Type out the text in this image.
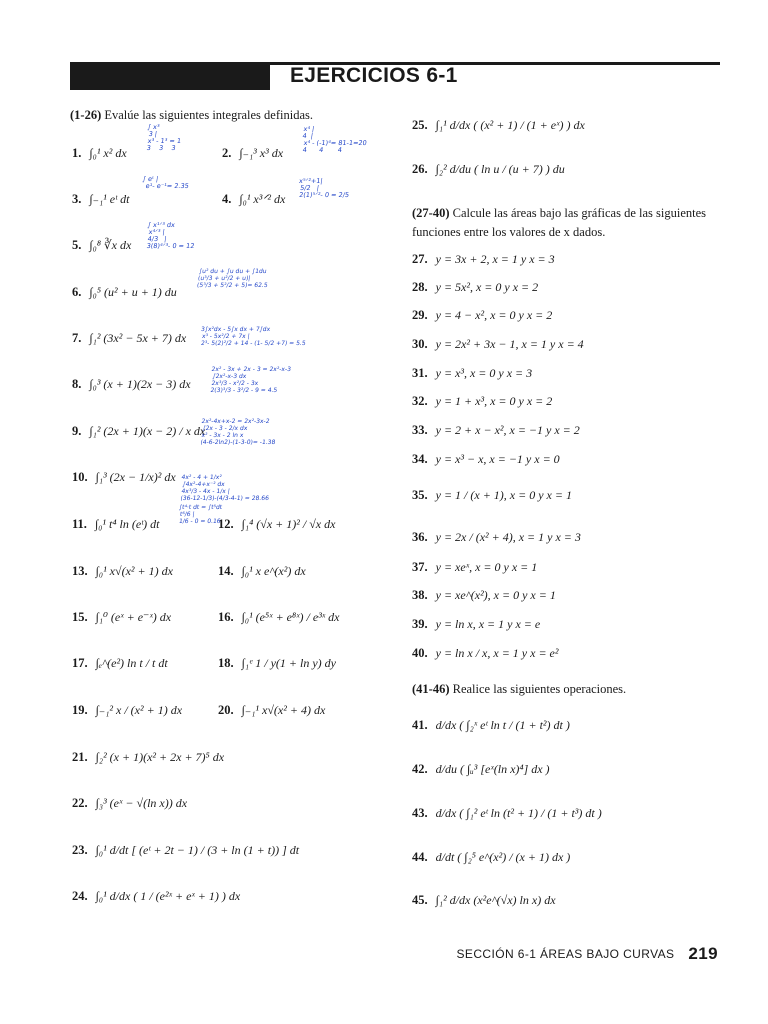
EJERCICIOS 6-1
(1-26) Evalúe las siguientes integrales definidas.
1. ∫₀¹ x² dx	2. ∫₋₁³ x³ dx
3. ∫₋₁¹ eᵗ dt	4. ∫₀¹ x³ᐟ² dx
5. ∫₀⁸ ∛x dx
6. ∫₀⁵ (u² + u + 1) du
7. ∫₁² (3x² − 5x + 7) dx
8. ∫₀³ (x + 1)(2x − 3) dx
9. ∫₁² (2x + 1)(x − 2) / x dx
10. ∫₁³ (2x − 1/x)² dx
11. ∫₀¹ t⁴ ln (eᵗ) dt	12. ∫₁⁴ (√x + 1)² / √x dx
13. ∫₀¹ x√(x² + 1) dx	14. ∫₀¹ x e^(x²) dx
15. ∫₁⁰ (eˣ + e⁻ˣ) dx	16. ∫₀¹ (e⁵ˣ + e⁸ˣ) / e³ˣ dx
17. ∫ₑ^(e²) ln t / t dt	18. ∫₁ᵉ 1 / y(1 + ln y) dy
19. ∫₋₁² x / (x² + 1) dx	20. ∫₋₁¹ x√(x² + 4) dx
21. ∫₂² (x + 1)(x² + 2x + 7)⁵ dx
22. ∫₃³ (eˣ − √(ln x)) dx
23. ∫₀¹ d/dt [ (eᵗ + 2t − 1) / (3 + ln (1 + t)) ] dt
24. ∫₀¹ d/dx ( 1 / (e²ˣ + eˣ + 1) ) dx
∫ x³
3 |
x³ - 1³ = 1
3    3    3
x⁴ |
4  |
x⁴ - (-1)⁴= 81-1=20
4      4       4
∫ eᵗ |
e¹- e⁻¹= 2.35
x⁵ᐟ²+1|
5/2   |
2(1)⁵ᐟ²- 0 = 2/5
∫ x¹ᐟ³ dx
x⁴ᐟ³ |
4/3   |
3(8)⁴ᐟ³- 0 = 12
∫u² du + ∫u du + ∫1du
(u³/3 + u²/2 + u)|
(5³/3 + 5²/2 + 5)= 62.5
3∫x²dx - 5∫x dx + 7∫dx
x³ - 5x²/2 + 7x |
2³- 5(2)²/2 + 14 - (1- 5/2 +7) = 5.5
2x² - 3x + 2x - 3 = 2x²-x-3
∫2x²-x-3 dx
2x³/3 - x²/2 - 3x
2(3)³/3 - 3²/2 - 9 = 4.5
2x²-4x+x-2 = 2x²-3x-2
∫2x - 3 - 2/x dx
x² - 3x - 2 ln x
(4-6-2ln2)-(1-3-0)= -1.38
4x² - 4 + 1/x²
∫4x²-4+x⁻² dx
4x³/3 - 4x - 1/x |
(36-12-1/3)-(4/3-4-1) = 28.66
∫t⁴·t dt = ∫t⁵dt
t⁶/6 |
1/6 - 0 = 0.16
25. ∫₁¹ d/dx ( (x² + 1) / (1 + eˣ) ) dx
26. ∫₂² d/du ( ln u / (u + 7) ) du
(27-40) Calcule las áreas bajo las gráficas de las siguientes funciones entre los valores de x dados.
27. y = 3x + 2, x = 1 y x = 3
28. y = 5x², x = 0 y x = 2
29. y = 4 − x², x = 0 y x = 2
30. y = 2x² + 3x − 1, x = 1 y x = 4
31. y = x³, x = 0 y x = 3
32. y = 1 + x³, x = 0 y x = 2
33. y = 2 + x − x², x = −1 y x = 2
34. y = x³ − x, x = −1 y x = 0
35. y = 1 / (x + 1), x = 0 y x = 1
36. y = 2x / (x² + 4), x = 1 y x = 3
37. y = xeˣ, x = 0 y x = 1
38. y = xe^(x²), x = 0 y x = 1
39. y = ln x, x = 1 y x = e
40. y = ln x / x, x = 1 y x = e²
(41-46) Realice las siguientes operaciones.
41. d/dx ( ∫₂ˣ eᵗ ln t / (1 + t²) dt )
42. d/du ( ∫ᵤ³ [eˣ(ln x)⁴] dx )
43. d/dx ( ∫₁² eᵗ ln (t² + 1) / (1 + t³) dt )
44. d/dt ( ∫₂⁵ e^(x²) / (x + 1) dx )
45. ∫₁² d/dx (x²e^(√x) ln x) dx
SECCIÓN 6-1 ÁREAS BAJO CURVAS 219
